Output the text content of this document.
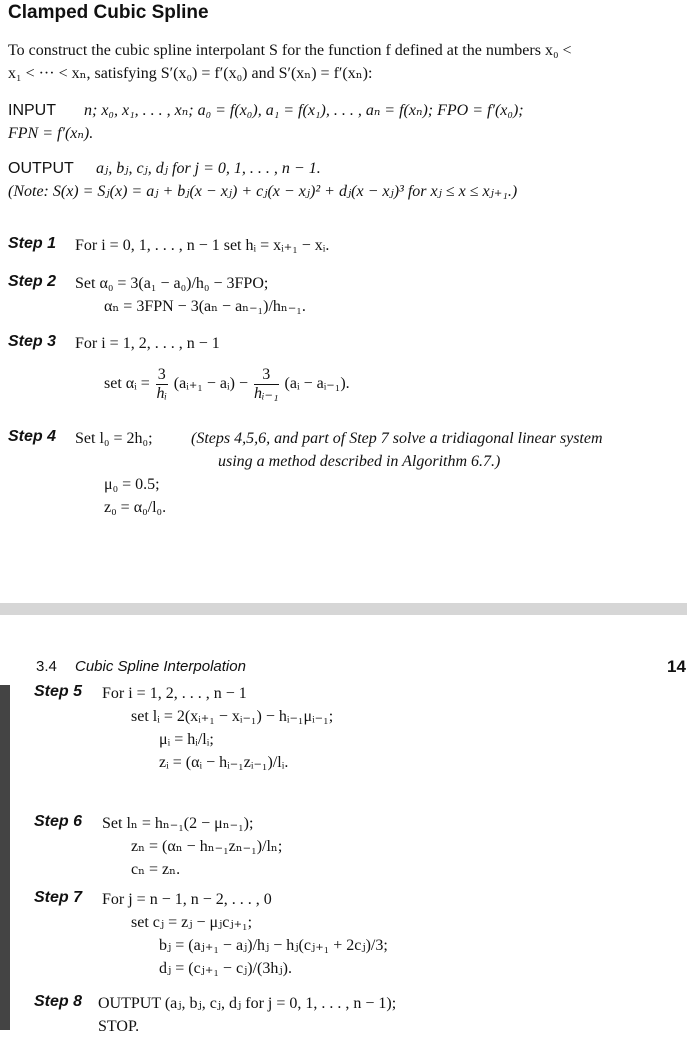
Clamped Cubic Spline
To construct the cubic spline interpolant S for the function f defined at the numbers x₀ <
x₁ < ··· < xₙ, satisfying S′(x₀) = f′(x₀) and S′(xₙ) = f′(xₙ):
INPUT n; x₀, x₁, . . . , xₙ; a₀ = f(x₀), a₁ = f(x₁), . . . , aₙ = f(xₙ); FPO = f′(x₀);
FPN = f′(xₙ).
OUTPUT aⱼ, bⱼ, cⱼ, dⱼ for j = 0, 1, . . . , n − 1.
(Note: S(x) = Sⱼ(x) = aⱼ + bⱼ(x − xⱼ) + cⱼ(x − xⱼ)² + dⱼ(x − xⱼ)³ for xⱼ ≤ x ≤ xⱼ₊₁.)
Step 1 For i = 0, 1, . . . , n − 1 set hᵢ = xᵢ₊₁ − xᵢ.
Step 2 Set α₀ = 3(a₁ − a₀)/h₀ − 3FPO;
αₙ = 3FPN − 3(aₙ − aₙ₋₁)/hₙ₋₁.
Step 3 For i = 1, 2, . . . , n − 1
set αᵢ = $\frac{3}{\text{hᵢ}}$ (aᵢ₊₁ − aᵢ) − $\frac{3}{\text{hᵢ₋₁}}$ (aᵢ − aᵢ₋₁).
Step 4 Set l₀ = 2h₀; (Steps 4,5,6, and part of Step 7 solve a tridiagonal linear system
using a method described in Algorithm 6.7.)
μ₀ = 0.5;
z₀ = α₀/l₀.
3.4 Cubic Spline Interpolation	14
Step 5 For i = 1, 2, . . . , n − 1
set lᵢ = 2(xᵢ₊₁ − xᵢ₋₁) − hᵢ₋₁μᵢ₋₁;
μᵢ = hᵢ/lᵢ;
zᵢ = (αᵢ − hᵢ₋₁zᵢ₋₁)/lᵢ.
Step 6 Set lₙ = hₙ₋₁(2 − μₙ₋₁);
zₙ = (αₙ − hₙ₋₁zₙ₋₁)/lₙ;
cₙ = zₙ.
Step 7 For j = n − 1, n − 2, . . . , 0
set cⱼ = zⱼ − μⱼcⱼ₊₁;
bⱼ = (aⱼ₊₁ − aⱼ)/hⱼ − hⱼ(cⱼ₊₁ + 2cⱼ)/3;
dⱼ = (cⱼ₊₁ − cⱼ)/(3hⱼ).
Step 8 OUTPUT (aⱼ, bⱼ, cⱼ, dⱼ for j = 0, 1, . . . , n − 1);
STOP.
